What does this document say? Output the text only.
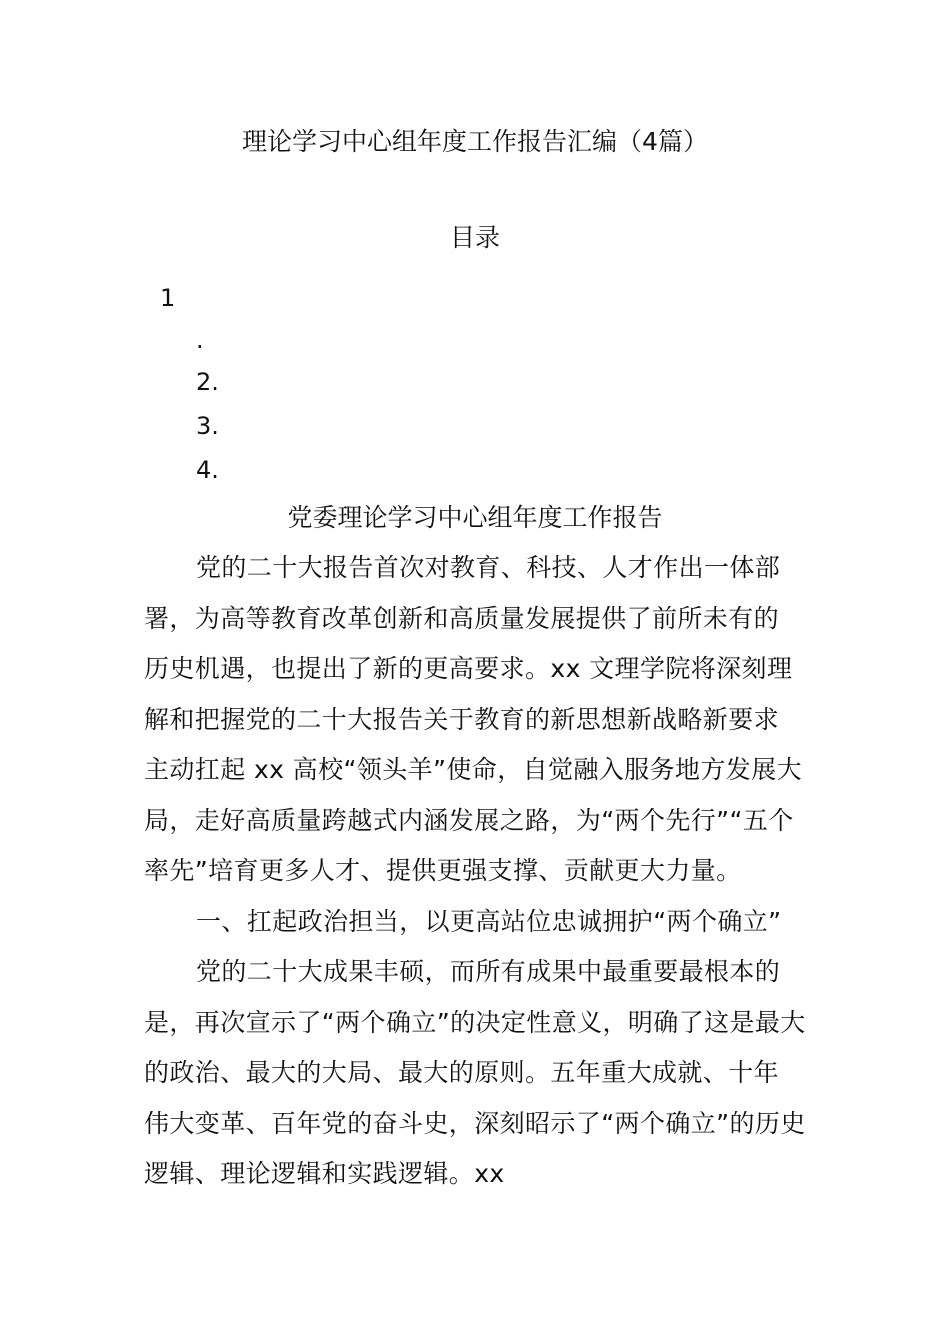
理论学习中心组年度工作报告汇编（4篇）
目录
1
.
2.
3.
4.
党委理论学习中心组年度工作报告
党的二十大报告首次对教育、科技、人才作出一体部
署，为高等教育改革创新和高质量发展提供了前所未有的
历史机遇，也提出了新的更高要求。xx 文理学院将深刻理
解和把握党的二十大报告关于教育的新思想新战略新要求
主动扛起 xx 高校“领头羊”使命，自觉融入服务地方发展大
局，走好高质量跨越式内涵发展之路，为“两个先行”“五个
率先”培育更多人才、提供更强支撑、贡献更大力量。
一、扛起政治担当，以更高站位忠诚拥护“两个确立”
党的二十大成果丰硕，而所有成果中最重要最根本的
是，再次宣示了“两个确立”的决定性意义，明确了这是最大
的政治、最大的大局、最大的原则。五年重大成就、十年
伟大变革、百年党的奋斗史，深刻昭示了“两个确立”的历史
逻辑、理论逻辑和实践逻辑。xx
